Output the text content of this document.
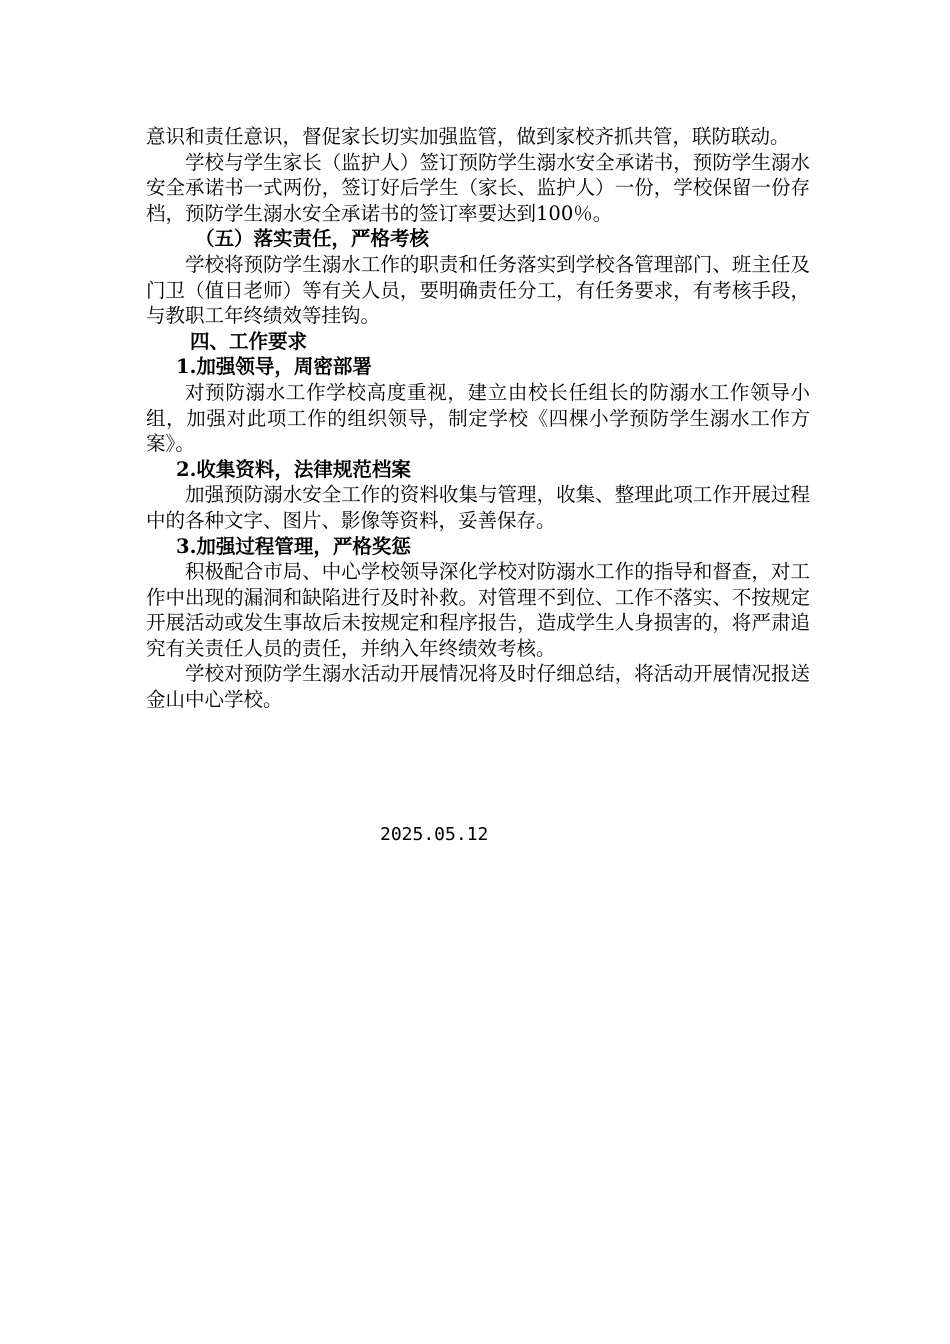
意识和责任意识，督促家长切实加强监管，做到家校齐抓共管，联防联动。

学校与学生家长（监护人）签订预防学生溺水安全承诺书，预防学生溺水安全承诺书一式两份，签订好后学生（家长、监护人）一份，学校保留一份存档，预防学生溺水安全承诺书的签订率要达到100％。

（五）落实责任，严格考核

学校将预防学生溺水工作的职责和任务落实到学校各管理部门、班主任及门卫（值日老师）等有关人员，要明确责任分工，有任务要求，有考核手段，与教职工年终绩效等挂钩。

四、工作要求

1.加强领导，周密部署

对预防溺水工作学校高度重视，建立由校长任组长的防溺水工作领导小组，加强对此项工作的组织领导，制定学校《四棵小学预防学生溺水工作方案》。

2.收集资料，法律规范档案

加强预防溺水安全工作的资料收集与管理，收集、整理此项工作开展过程中的各种文字、图片、影像等资料，妥善保存。

3.加强过程管理，严格奖惩

积极配合市局、中心学校领导深化学校对防溺水工作的指导和督查，对工作中出现的漏洞和缺陷进行及时补救。对管理不到位、工作不落实、不按规定开展活动或发生事故后未按规定和程序报告，造成学生人身损害的，将严肃追究有关责任人员的责任，并纳入年终绩效考核。

学校对预防学生溺水活动开展情况将及时仔细总结，将活动开展情况报送金山中心学校。

2025.05.12
